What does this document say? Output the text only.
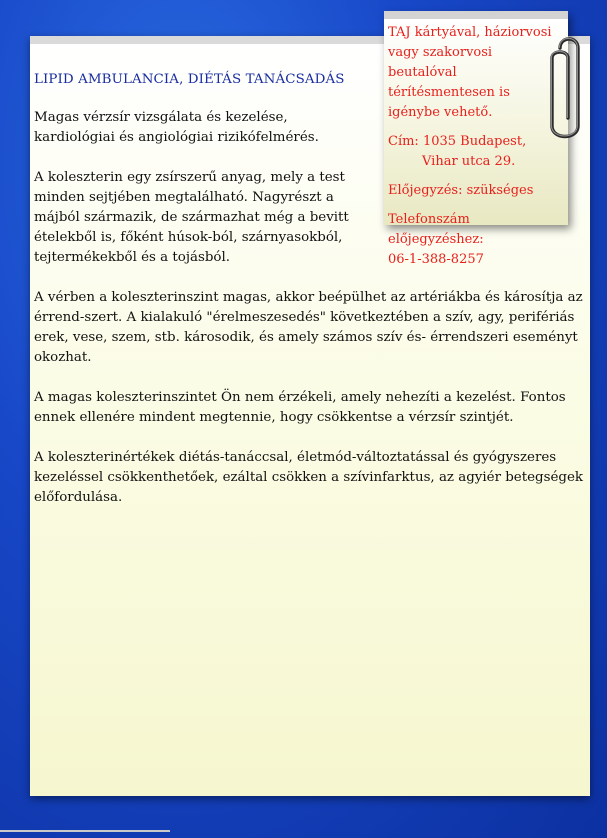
LIPID AMBULANCIA, DIÉTÁS TANÁCSADÁS
Magas vérzsír vizsgálata és kezelése, kardiológiai és angiológiai rizikófelmérés.
A koleszterin egy zsírszerű anyag, mely a test minden sejtjében megtalálható. Nagyrészt a májból származik, de származhat még a bevitt ételekből is, főként húsok-ból, szárnyasokból, tejtermékekből és a tojásból.
A vérben a koleszterinszint magas, akkor beépülhet az artériákba és károsítja az érrend-szert. A kialakuló "érelmeszesedés" következtében a szív, agy, perifériás erek, vese, szem, stb. károsodik, és amely számos szív és- érrendszeri eseményt okozhat.
A magas koleszterinszintet Ön nem érzékeli, amely nehezíti a kezelést. Fontos ennek ellenére mindent megtennie, hogy csökkentse a vérzsír szintjét.
A koleszterinértékek diétás-tanáccsal, életmód-változtatással és gyógyszeres kezeléssel csökkenthetőek, ezáltal csökken a szívinfarktus, az agyiér betegségek előfordulása.
TAJ kártyával, háziorvosi vagy szakorvosi beutalóval térítésmentesen is igénybe vehető.
Cím: 1035 Budapest,
Vihar utca 29.
Előjegyzés: szükséges
Telefonszám előjegyzéshez:
06-1-388-8257
